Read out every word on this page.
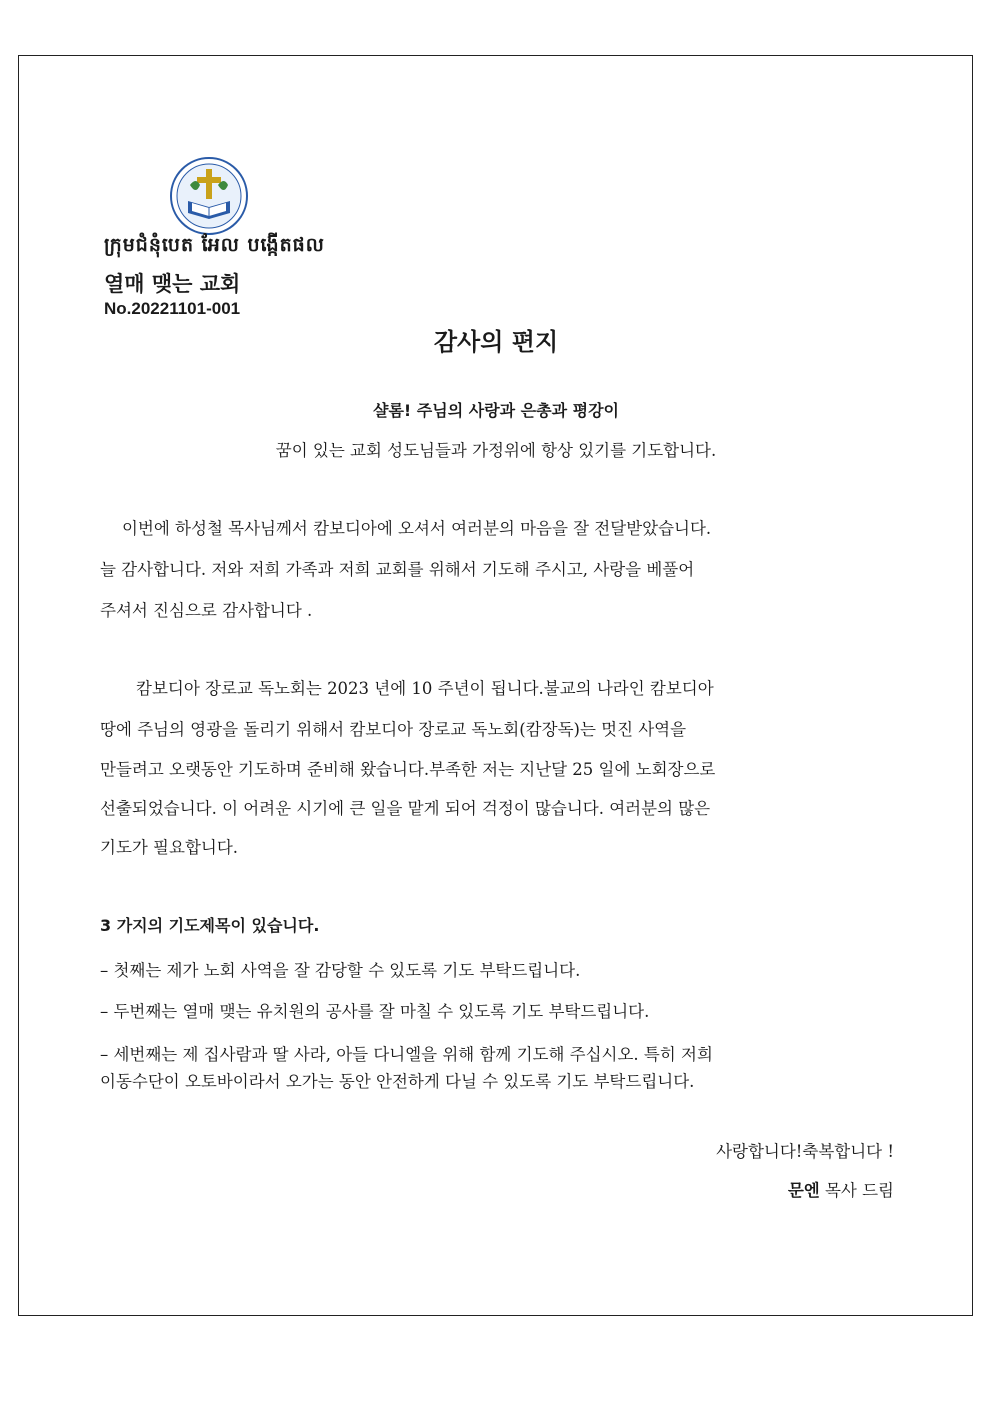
ក្រុមជំនុំបេត អែល បង្កើតផល
열매 맺는 교회
No.20221101-001
감사의 편지
샬롬! 주님의 사랑과 은총과 평강이
꿈이 있는 교회 성도님들과 가정위에 항상 있기를 기도합니다.
이번에 하성철 목사님께서 캄보디아에 오셔서 여러분의 마음을 잘 전달받았습니다.
늘 감사합니다. 저와 저희 가족과 저희 교회를 위해서 기도해 주시고, 사랑을 베풀어
주셔서 진심으로 감사합니다 .
캄보디아 장로교 독노회는 2023 년에 10 주년이 됩니다.불교의 나라인 캄보디아
땅에 주님의 영광을 돌리기 위해서 캄보디아 장로교 독노회(캄장독)는 멋진 사역을
만들려고 오랫동안 기도하며 준비해 왔습니다.부족한 저는 지난달 25 일에 노회장으로
선출되었습니다. 이 어려운 시기에 큰 일을 맡게 되어 걱정이 많습니다. 여러분의 많은
기도가 필요합니다.
3 가지의 기도제목이 있습니다.
– 첫째는 제가 노회 사역을 잘 감당할 수 있도록 기도 부탁드립니다.
– 두번째는 열매 맺는 유치원의 공사를 잘 마칠 수 있도록 기도 부탁드립니다.
– 세번째는 제 집사람과 딸 사라, 아들 다니엘을 위해 함께 기도해 주십시오. 특히 저희
이동수단이 오토바이라서 오가는 동안 안전하게 다닐 수 있도록 기도 부탁드립니다.
사랑합니다!축복합니다 !
문엔 목사 드림
